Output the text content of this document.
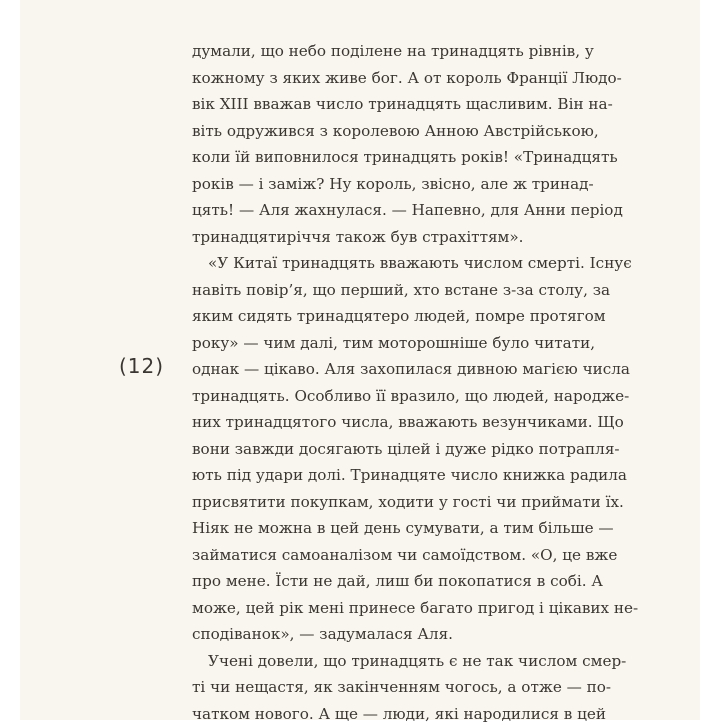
(12)
думали, що небо поділене на тринадцять рівнів, у
кожному з яких живе бог. А от король Франції Людо-
вік XIII вважав число тринадцять щасливим. Він на-
віть одружився з королевою Анною Австрійською,
коли їй виповнилося тринадцять років! «Тринадцять
років — і заміж? Ну король, звісно, але ж тринад-
цять! — Аля жахнулася. — Напевно, для Анни період
тринадцятиріччя також був страхіттям».
«У Китаї тринадцять вважають числом смерті. Існує
навіть повір’я, що перший, хто встане з-за столу, за
яким сидять тринадцятеро людей, помре протягом
року» — чим далі, тим моторошніше було читати,
однак — цікаво. Аля захопилася дивною магією числа
тринадцять. Особливо її вразило, що людей, народже-
них тринадцятого числа, вважають везунчиками. Що
вони завжди досягають цілей і дуже рідко потрапля-
ють під удари долі. Тринадцяте число книжка радила
присвятити покупкам, ходити у гості чи приймати їх.
Ніяк не можна в цей день сумувати, а тим більше —
займатися самоаналізом чи самоїдством. «О, це вже
про мене. Їсти не дай, лиш би покопатися в собі. А
може, цей рік мені принесе багато пригод і цікавих не-
сподіванок», — задумалася Аля.
Учені довели, що тринадцять є не так числом смер-
ті чи нещастя, як закінченням чогось, а отже — по-
чатком нового. А ще — люди, які народилися в цей
